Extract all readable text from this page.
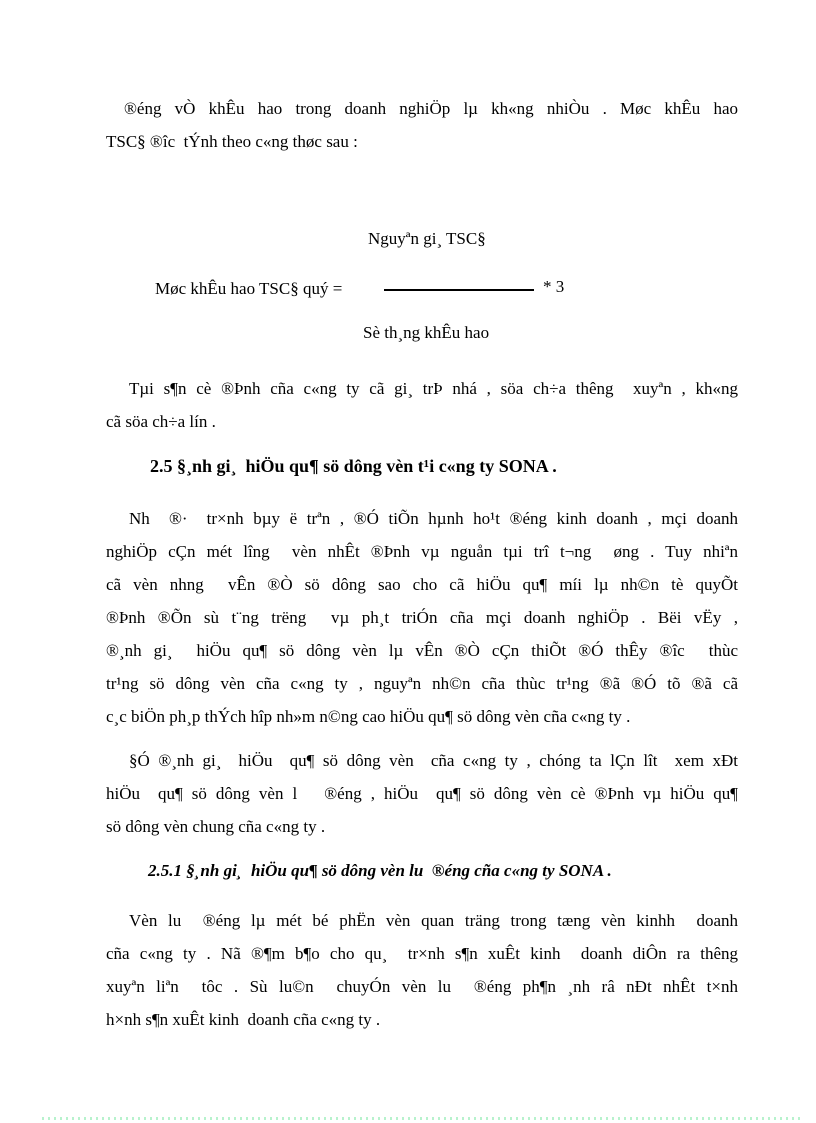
®éng vÒ khÊu hao trong doanh nghiÖp lµ kh«ng nhiÒu . Møc khÊu hao
TSC§ ®îc  tÝnh theo c«ng thøc sau :
Nguyªn gi¸ TSC§
Møc khÊu hao TSC§ quý =	* 3
Sè th¸ng khÊu hao
Tµi s¶n cè ®Þnh cña c«ng ty cã gi¸ trÞ nhá , söa ch÷a thêng  xuyªn , kh«ng
cã söa ch÷a lín .
2.5 §¸nh gi¸  hiÖu qu¶ sö dông vèn t¹i c«ng ty SONA .
Nh  ®·  tr×nh bµy ë trªn , ®Ó tiÕn hµnh ho¹t ®éng kinh doanh , mçi doanh
nghiÖp cÇn mét lîng  vèn nhÊt ®Þnh vµ nguån tµi trî t¬ng  øng . Tuy nhiªn
cã vèn nhng  vÊn ®Ò sö dông sao cho cã hiÖu qu¶ míi lµ nh©n tè quyÕt
®Þnh ®Õn sù t¨ng trëng  vµ ph¸t triÓn cña mçi doanh nghiÖp . Bëi vËy ,
®¸nh gi¸  hiÖu qu¶ sö dông vèn lµ vÊn ®Ò cÇn thiÕt ®Ó thÊy ®îc  thùc
tr¹ng sö dông vèn cña c«ng ty , nguyªn nh©n cña thùc tr¹ng ®ã ®Ó tõ ®ã cã
c¸c biÖn ph¸p thÝch hîp nh»m n©ng cao hiÖu qu¶ sö dông vèn cña c«ng ty .
§Ó ®¸nh gi¸  hiÖu  qu¶ sö dông vèn  cña c«ng ty , chóng ta lÇn lît  xem xÐt
hiÖu  qu¶ sö dông vèn l   ®éng , hiÖu  qu¶ sö dông vèn cè ®Þnh vµ hiÖu qu¶
sö dông vèn chung cña c«ng ty .
2.5.1 §¸nh gi¸  hiÖu qu¶ sö dông vèn lu  ®éng cña c«ng ty SONA .
Vèn lu  ®éng lµ mét bé phËn vèn quan träng trong tæng vèn kinhh  doanh
cña c«ng ty . Nã ®¶m b¶o cho qu¸  tr×nh s¶n xuÊt kinh  doanh diÔn ra thêng
xuyªn liªn  tôc . Sù lu©n  chuyÓn vèn lu  ®éng ph¶n ¸nh râ nÐt nhÊt t×nh
h×nh s¶n xuÊt kinh  doanh cña c«ng ty .
